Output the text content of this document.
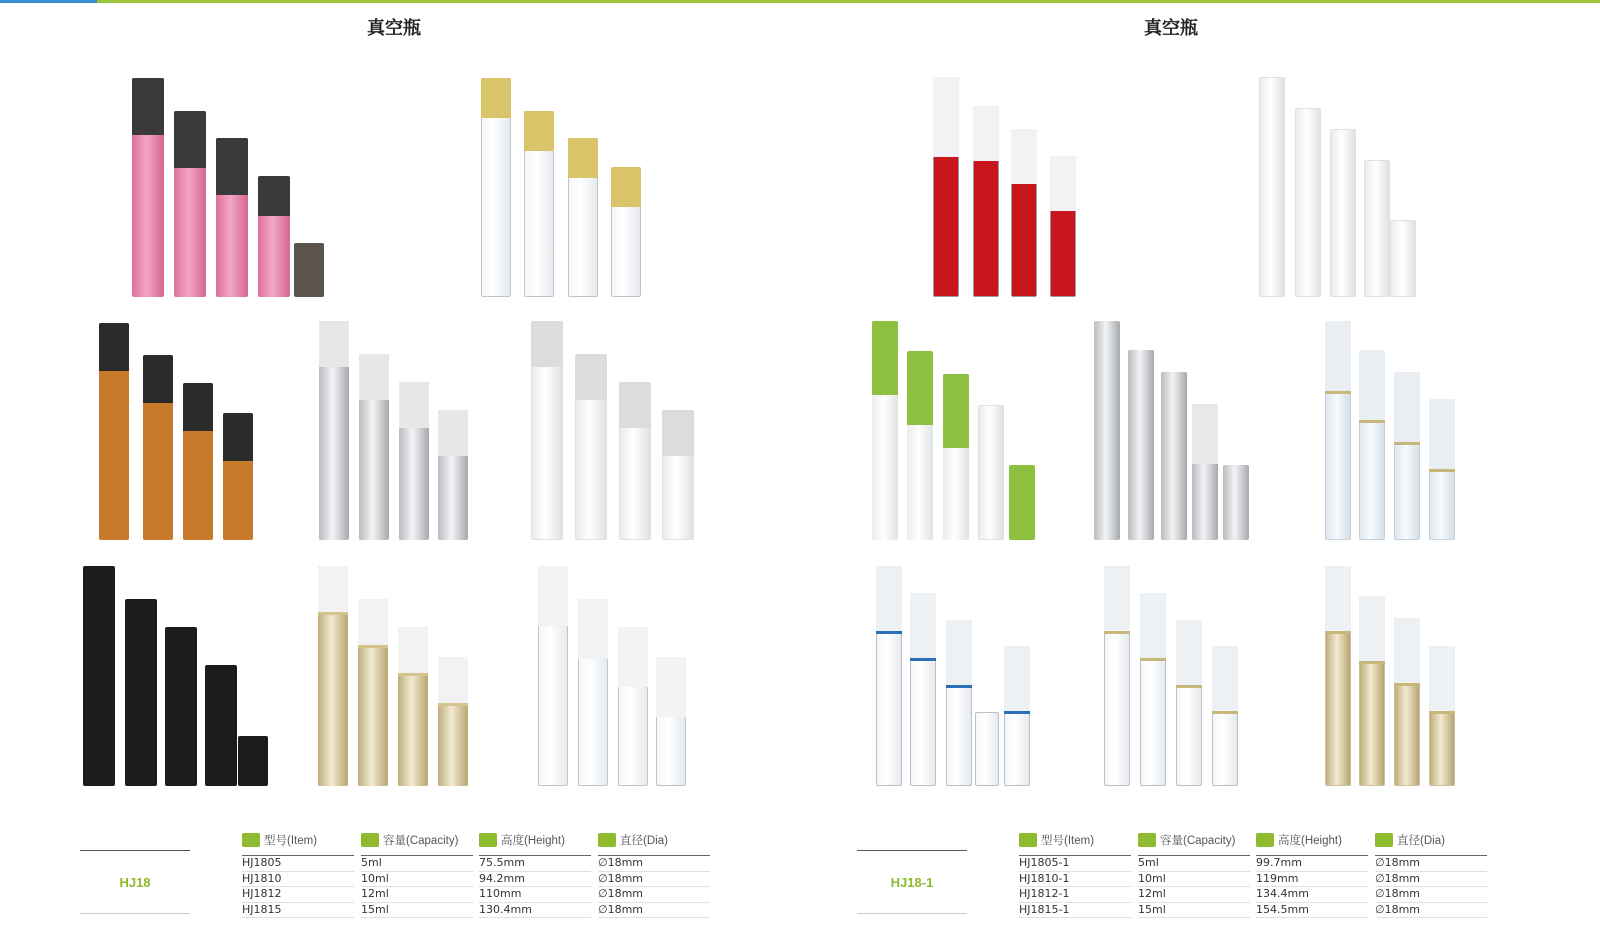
真空瓶	真空瓶
HJ18
型号(Item)
HJ1805
HJ1810
HJ1812
HJ1815
容量(Capacity)
5ml
10ml
12ml
15ml
高度(Height)
75.5mm
94.2mm
110mm
130.4mm
直径(Dia)
∅18mm
∅18mm
∅18mm
∅18mm
HJ18-1
型号(Item)
HJ1805-1
HJ1810-1
HJ1812-1
HJ1815-1
容量(Capacity)
5ml
10ml
12ml
15ml
高度(Height)
99.7mm
119mm
134.4mm
154.5mm
直径(Dia)
∅18mm
∅18mm
∅18mm
∅18mm
